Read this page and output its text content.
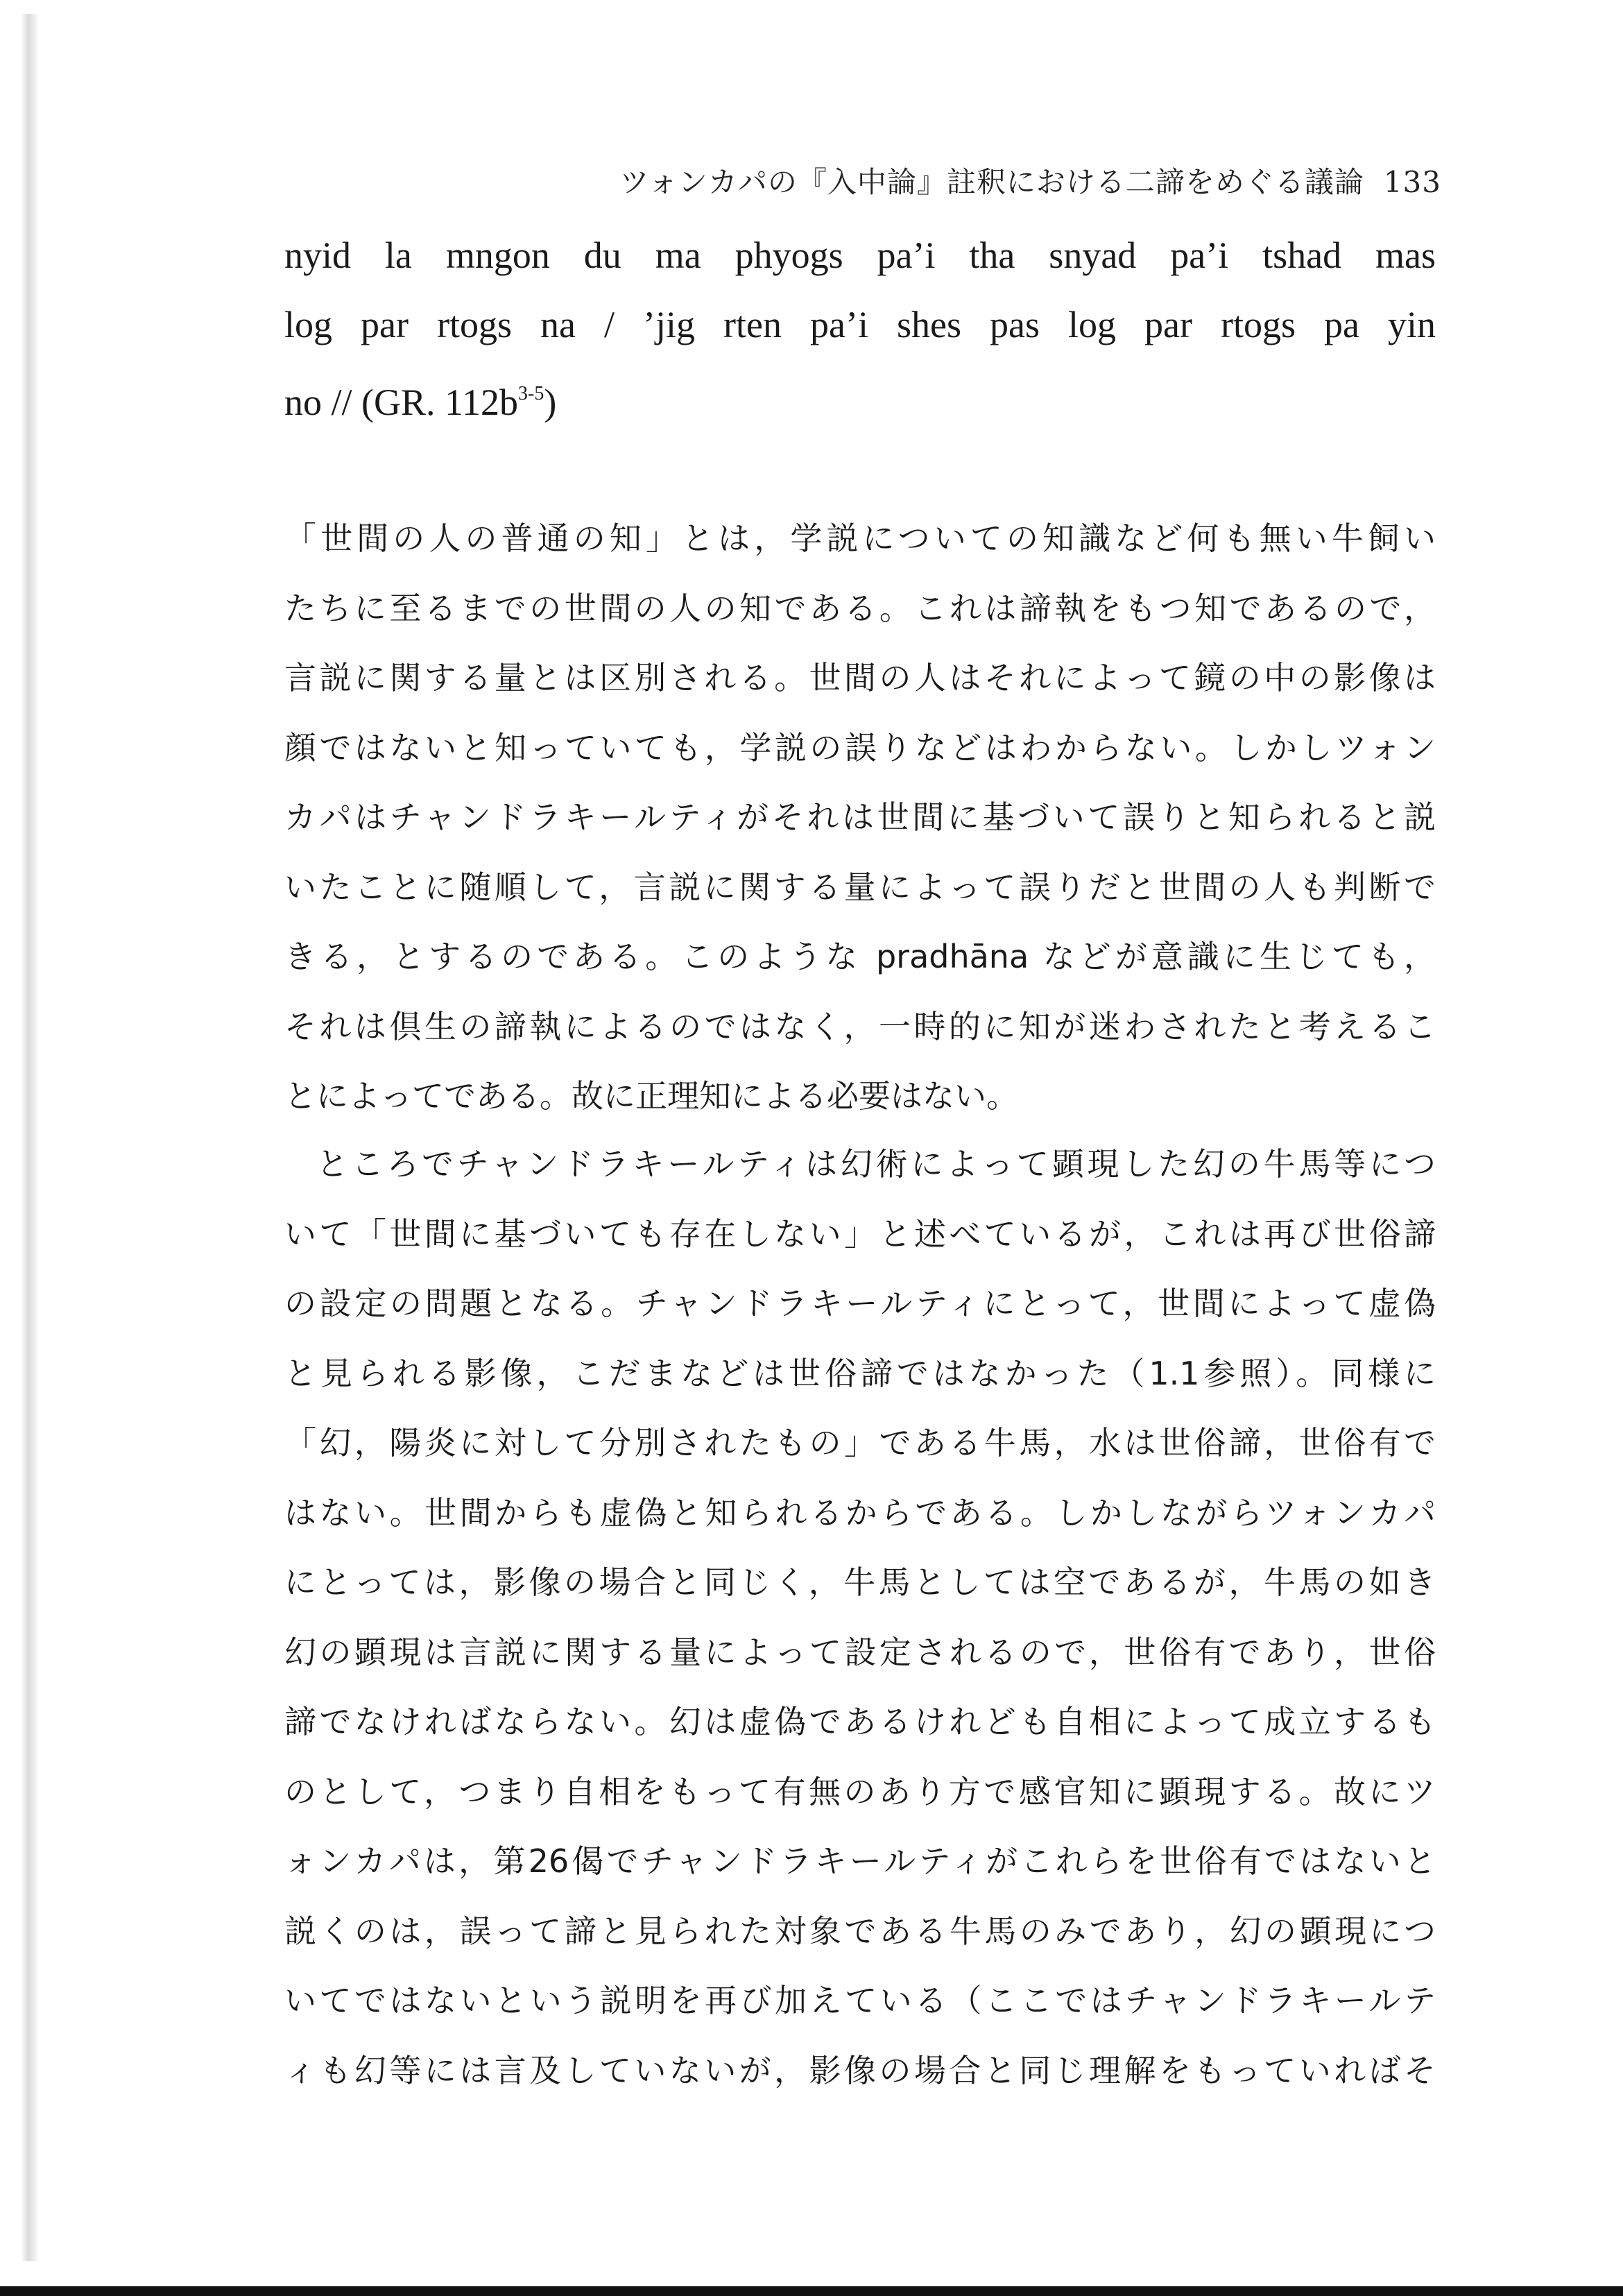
ツォンカパの『入中論』註釈における二諦をめぐる議論 133
nyid la mngon du ma phyogs pa’i tha snyad pa’i tshad mas
log par rtogs na / ’jig rten pa’i shes pas log par rtogs pa yin
no // (GR. $112b^{3-5}$)
「世間の人の普通の知」とは，学説についての知識など何も無い牛飼い
たちに至るまでの世間の人の知である。これは諦執をもつ知であるので，
言説に関する量とは区別される。世間の人はそれによって鏡の中の影像は
顔ではないと知っていても，学説の誤りなどはわからない。しかしツォン
カパはチャンドラキールティがそれは世間に基づいて誤りと知られると説
いたことに随順して，言説に関する量によって誤りだと世間の人も判断で
きる，とするのである。このような pradhāna などが意識に生じても，
それは倶生の諦執によるのではなく，一時的に知が迷わされたと考えるこ
とによってである。故に正理知による必要はない。
ところでチャンドラキールティは幻術によって顕現した幻の牛馬等につ
いて「世間に基づいても存在しない」と述べているが，これは再び世俗諦
の設定の問題となる。チャンドラキールティにとって，世間によって虚偽
と見られる影像，こだまなどは世俗諦ではなかった（1.1参照）。同様に
「幻，陽炎に対して分別されたもの」である牛馬，水は世俗諦，世俗有で
はない。世間からも虚偽と知られるからである。しかしながらツォンカパ
にとっては，影像の場合と同じく，牛馬としては空であるが，牛馬の如き
幻の顕現は言説に関する量によって設定されるので，世俗有であり，世俗
諦でなければならない。幻は虚偽であるけれども自相によって成立するも
のとして，つまり自相をもって有無のあり方で感官知に顕現する。故にツ
ォンカパは，第26偈でチャンドラキールティがこれらを世俗有ではないと
説くのは，誤って諦と見られた対象である牛馬のみであり，幻の顕現につ
いてではないという説明を再び加えている（ここではチャンドラキールテ
ィも幻等には言及していないが，影像の場合と同じ理解をもっていればそ
